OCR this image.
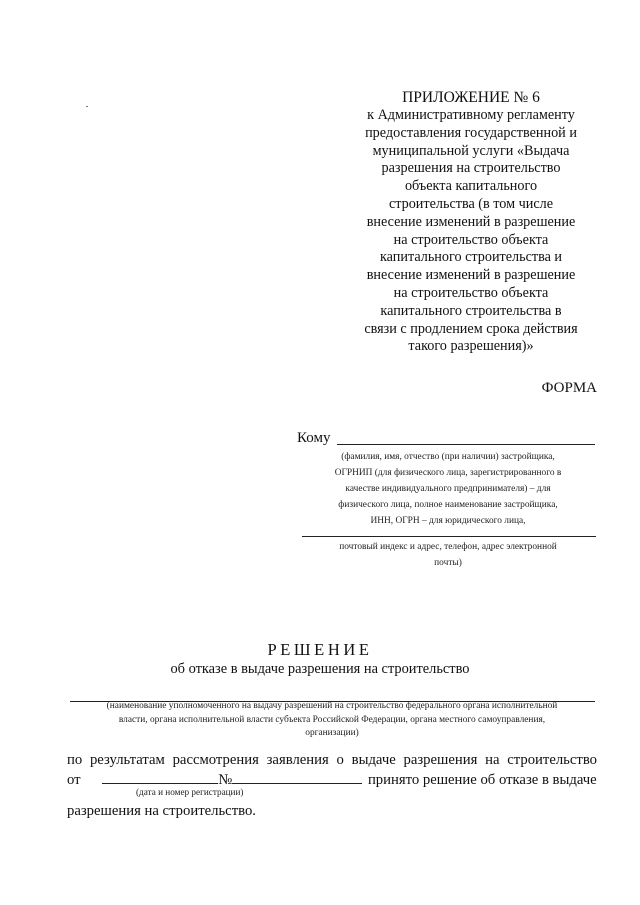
ПРИЛОЖЕНИЕ № 6
к Административному регламенту
предоставления государственной и
муниципальной услуги «Выдача
разрешения на строительство
объекта капитального
строительства (в том числе
внесение изменений в разрешение
на строительство объекта
капитального строительства и
внесение изменений в разрешение
на строительство объекта
капитального строительства в
связи с продлением срока действия
такого разрешения)»
ФОРМА
Кому
(фамилия, имя, отчество (при наличии) застройщика,
ОГРНИП (для физического лица, зарегистрированного в
качестве индивидуального предпринимателя) – для
физического лица, полное наименование застройщика,
ИНН, ОГРН – для юридического лица,
почтовый индекс и адрес, телефон, адрес электронной
почты)
РЕШЕНИЕ
об отказе в выдаче разрешения на строительство
(наименование уполномоченного на выдачу разрешений на строительство федерального органа исполнительной
власти, органа исполнительной власти субъекта Российской Федерации, органа местного самоуправления,
организации)
по результатам рассмотрения заявления о выдаче разрешения на строительство
от	№	принято решение об отказе в выдаче
(дата и номер регистрации)
разрешения на строительство.
